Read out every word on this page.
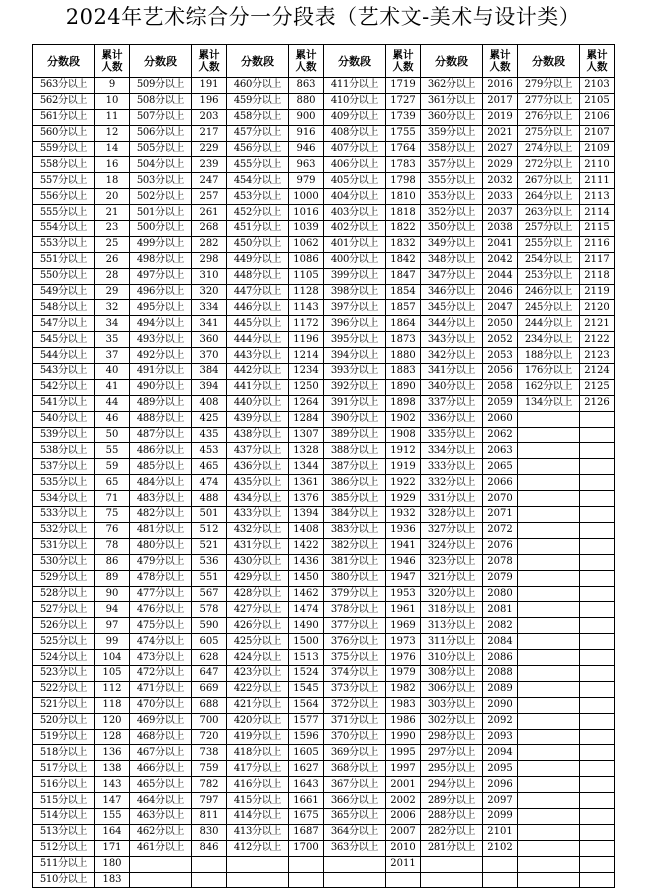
2024年艺术综合分一分段表（艺术文-美术与设计类）
分数段	累计
人数	分数段	累计
人数	分数段	累计
人数	分数段	累计
人数	分数段	累计
人数	分数段	累计
人数
563分以上	9	509分以上	191	460分以上	863	411分以上	1719	362分以上	2016	279分以上	2103
562分以上	10	508分以上	196	459分以上	880	410分以上	1727	361分以上	2017	277分以上	2105
561分以上	11	507分以上	203	458分以上	900	409分以上	1739	360分以上	2019	276分以上	2106
560分以上	12	506分以上	217	457分以上	916	408分以上	1755	359分以上	2021	275分以上	2107
559分以上	14	505分以上	229	456分以上	946	407分以上	1764	358分以上	2027	274分以上	2109
558分以上	16	504分以上	239	455分以上	963	406分以上	1783	357分以上	2029	272分以上	2110
557分以上	18	503分以上	247	454分以上	979	405分以上	1798	355分以上	2032	267分以上	2111
556分以上	20	502分以上	257	453分以上	1000	404分以上	1810	353分以上	2033	264分以上	2113
555分以上	21	501分以上	261	452分以上	1016	403分以上	1818	352分以上	2037	263分以上	2114
554分以上	23	500分以上	268	451分以上	1039	402分以上	1822	350分以上	2038	257分以上	2115
553分以上	25	499分以上	282	450分以上	1062	401分以上	1832	349分以上	2041	255分以上	2116
551分以上	26	498分以上	298	449分以上	1086	400分以上	1842	348分以上	2042	254分以上	2117
550分以上	28	497分以上	310	448分以上	1105	399分以上	1847	347分以上	2044	253分以上	2118
549分以上	29	496分以上	320	447分以上	1128	398分以上	1854	346分以上	2046	246分以上	2119
548分以上	32	495分以上	334	446分以上	1143	397分以上	1857	345分以上	2047	245分以上	2120
547分以上	34	494分以上	341	445分以上	1172	396分以上	1864	344分以上	2050	244分以上	2121
545分以上	35	493分以上	360	444分以上	1196	395分以上	1873	343分以上	2052	234分以上	2122
544分以上	37	492分以上	370	443分以上	1214	394分以上	1880	342分以上	2053	188分以上	2123
543分以上	40	491分以上	384	442分以上	1234	393分以上	1883	341分以上	2056	176分以上	2124
542分以上	41	490分以上	394	441分以上	1250	392分以上	1890	340分以上	2058	162分以上	2125
541分以上	44	489分以上	408	440分以上	1264	391分以上	1898	337分以上	2059	134分以上	2126
540分以上	46	488分以上	425	439分以上	1284	390分以上	1902	336分以上	2060		
539分以上	50	487分以上	435	438分以上	1307	389分以上	1908	335分以上	2062		
538分以上	55	486分以上	453	437分以上	1328	388分以上	1912	334分以上	2063		
537分以上	59	485分以上	465	436分以上	1344	387分以上	1919	333分以上	2065		
535分以上	65	484分以上	474	435分以上	1361	386分以上	1922	332分以上	2066		
534分以上	71	483分以上	488	434分以上	1376	385分以上	1929	331分以上	2070		
533分以上	75	482分以上	501	433分以上	1394	384分以上	1932	328分以上	2071		
532分以上	76	481分以上	512	432分以上	1408	383分以上	1936	327分以上	2072		
531分以上	78	480分以上	521	431分以上	1422	382分以上	1941	324分以上	2076		
530分以上	86	479分以上	536	430分以上	1436	381分以上	1946	323分以上	2078		
529分以上	89	478分以上	551	429分以上	1450	380分以上	1947	321分以上	2079		
528分以上	90	477分以上	567	428分以上	1462	379分以上	1953	320分以上	2080		
527分以上	94	476分以上	578	427分以上	1474	378分以上	1961	318分以上	2081		
526分以上	97	475分以上	590	426分以上	1490	377分以上	1969	313分以上	2082		
525分以上	99	474分以上	605	425分以上	1500	376分以上	1973	311分以上	2084		
524分以上	104	473分以上	628	424分以上	1513	375分以上	1976	310分以上	2086		
523分以上	105	472分以上	647	423分以上	1524	374分以上	1979	308分以上	2088		
522分以上	112	471分以上	669	422分以上	1545	373分以上	1982	306分以上	2089		
521分以上	118	470分以上	688	421分以上	1564	372分以上	1983	303分以上	2090		
520分以上	120	469分以上	700	420分以上	1577	371分以上	1986	302分以上	2092		
519分以上	128	468分以上	720	419分以上	1596	370分以上	1990	298分以上	2093		
518分以上	136	467分以上	738	418分以上	1605	369分以上	1995	297分以上	2094		
517分以上	138	466分以上	759	417分以上	1627	368分以上	1997	295分以上	2095		
516分以上	143	465分以上	782	416分以上	1643	367分以上	2001	294分以上	2096		
515分以上	147	464分以上	797	415分以上	1661	366分以上	2002	289分以上	2097		
514分以上	155	463分以上	811	414分以上	1675	365分以上	2006	288分以上	2099		
513分以上	164	462分以上	830	413分以上	1687	364分以上	2007	282分以上	2101		
512分以上	171	461分以上	846	412分以上	1700	363分以上	2010	281分以上	2102		
511分以上	180						2011				
510分以上	183										
